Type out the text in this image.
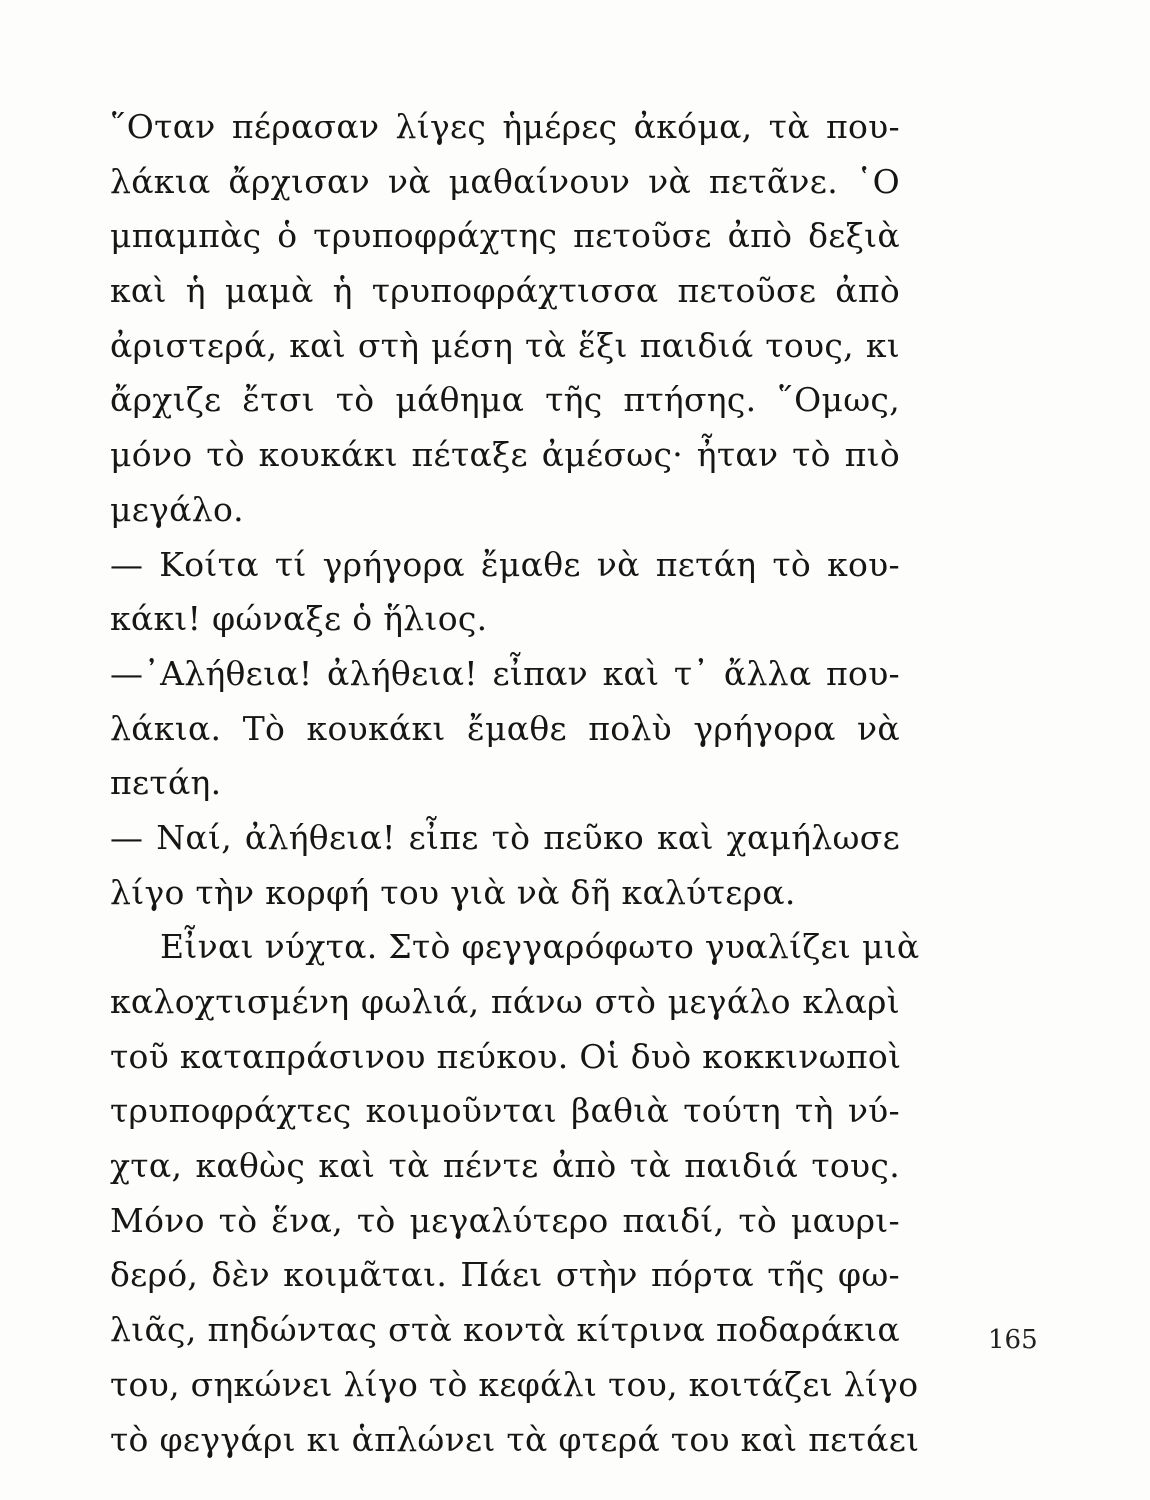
῞Οταν πέρασαν λίγες ἡμέρες ἀκόμα, τὰ που-
λάκια ἄρχισαν νὰ μαθαίνουν νὰ πετᾶνε. ῾Ο
μπαμπὰς ὁ τρυποφράχτης πετοῦσε ἀπὸ δεξιὰ
καὶ ἡ μαμὰ ἡ τρυποφράχτισσα πετοῦσε ἀπὸ
ἀριστερά, καὶ στὴ μέση τὰ ἕξι παιδιά τους, κι
ἄρχιζε ἔτσι τὸ μάθημα τῆς πτήσης. ῞Ομως,
μόνο τὸ κουκάκι πέταξε ἀμέσως· ἦταν τὸ πιὸ
μεγάλο.
— Κοίτα τί γρήγορα ἔμαθε νὰ πετάη τὸ κου-
κάκι! φώναξε ὁ ἥλιος.
—᾿Αλήθεια! ἀλήθεια! εἶπαν καὶ τ᾿ ἄλλα που-
λάκια. Τὸ κουκάκι ἔμαθε πολὺ γρήγορα νὰ
πετάη.
— Ναί, ἀλήθεια! εἶπε τὸ πεῦκο καὶ χαμήλωσε
λίγο τὴν κορφή του γιὰ νὰ δῆ καλύτερα.
Εἶναι νύχτα. Στὸ φεγγαρόφωτο γυαλίζει μιὰ
καλοχτισμένη φωλιά, πάνω στὸ μεγάλο κλαρὶ
τοῦ καταπράσινου πεύκου. Οἱ δυὸ κοκκινωποὶ
τρυποφράχτες κοιμοῦνται βαθιὰ τούτη τὴ νύ-
χτα, καθὼς καὶ τὰ πέντε ἀπὸ τὰ παιδιά τους.
Μόνο τὸ ἕνα, τὸ μεγαλύτερο παιδί, τὸ μαυρι-
δερό, δὲν κοιμᾶται. Πάει στὴν πόρτα τῆς φω-
λιᾶς, πηδώντας στὰ κοντὰ κίτρινα ποδαράκια
του, σηκώνει λίγο τὸ κεφάλι του, κοιτάζει λίγο
τὸ φεγγάρι κι ἁπλώνει τὰ φτερά του καὶ πετάει
165
